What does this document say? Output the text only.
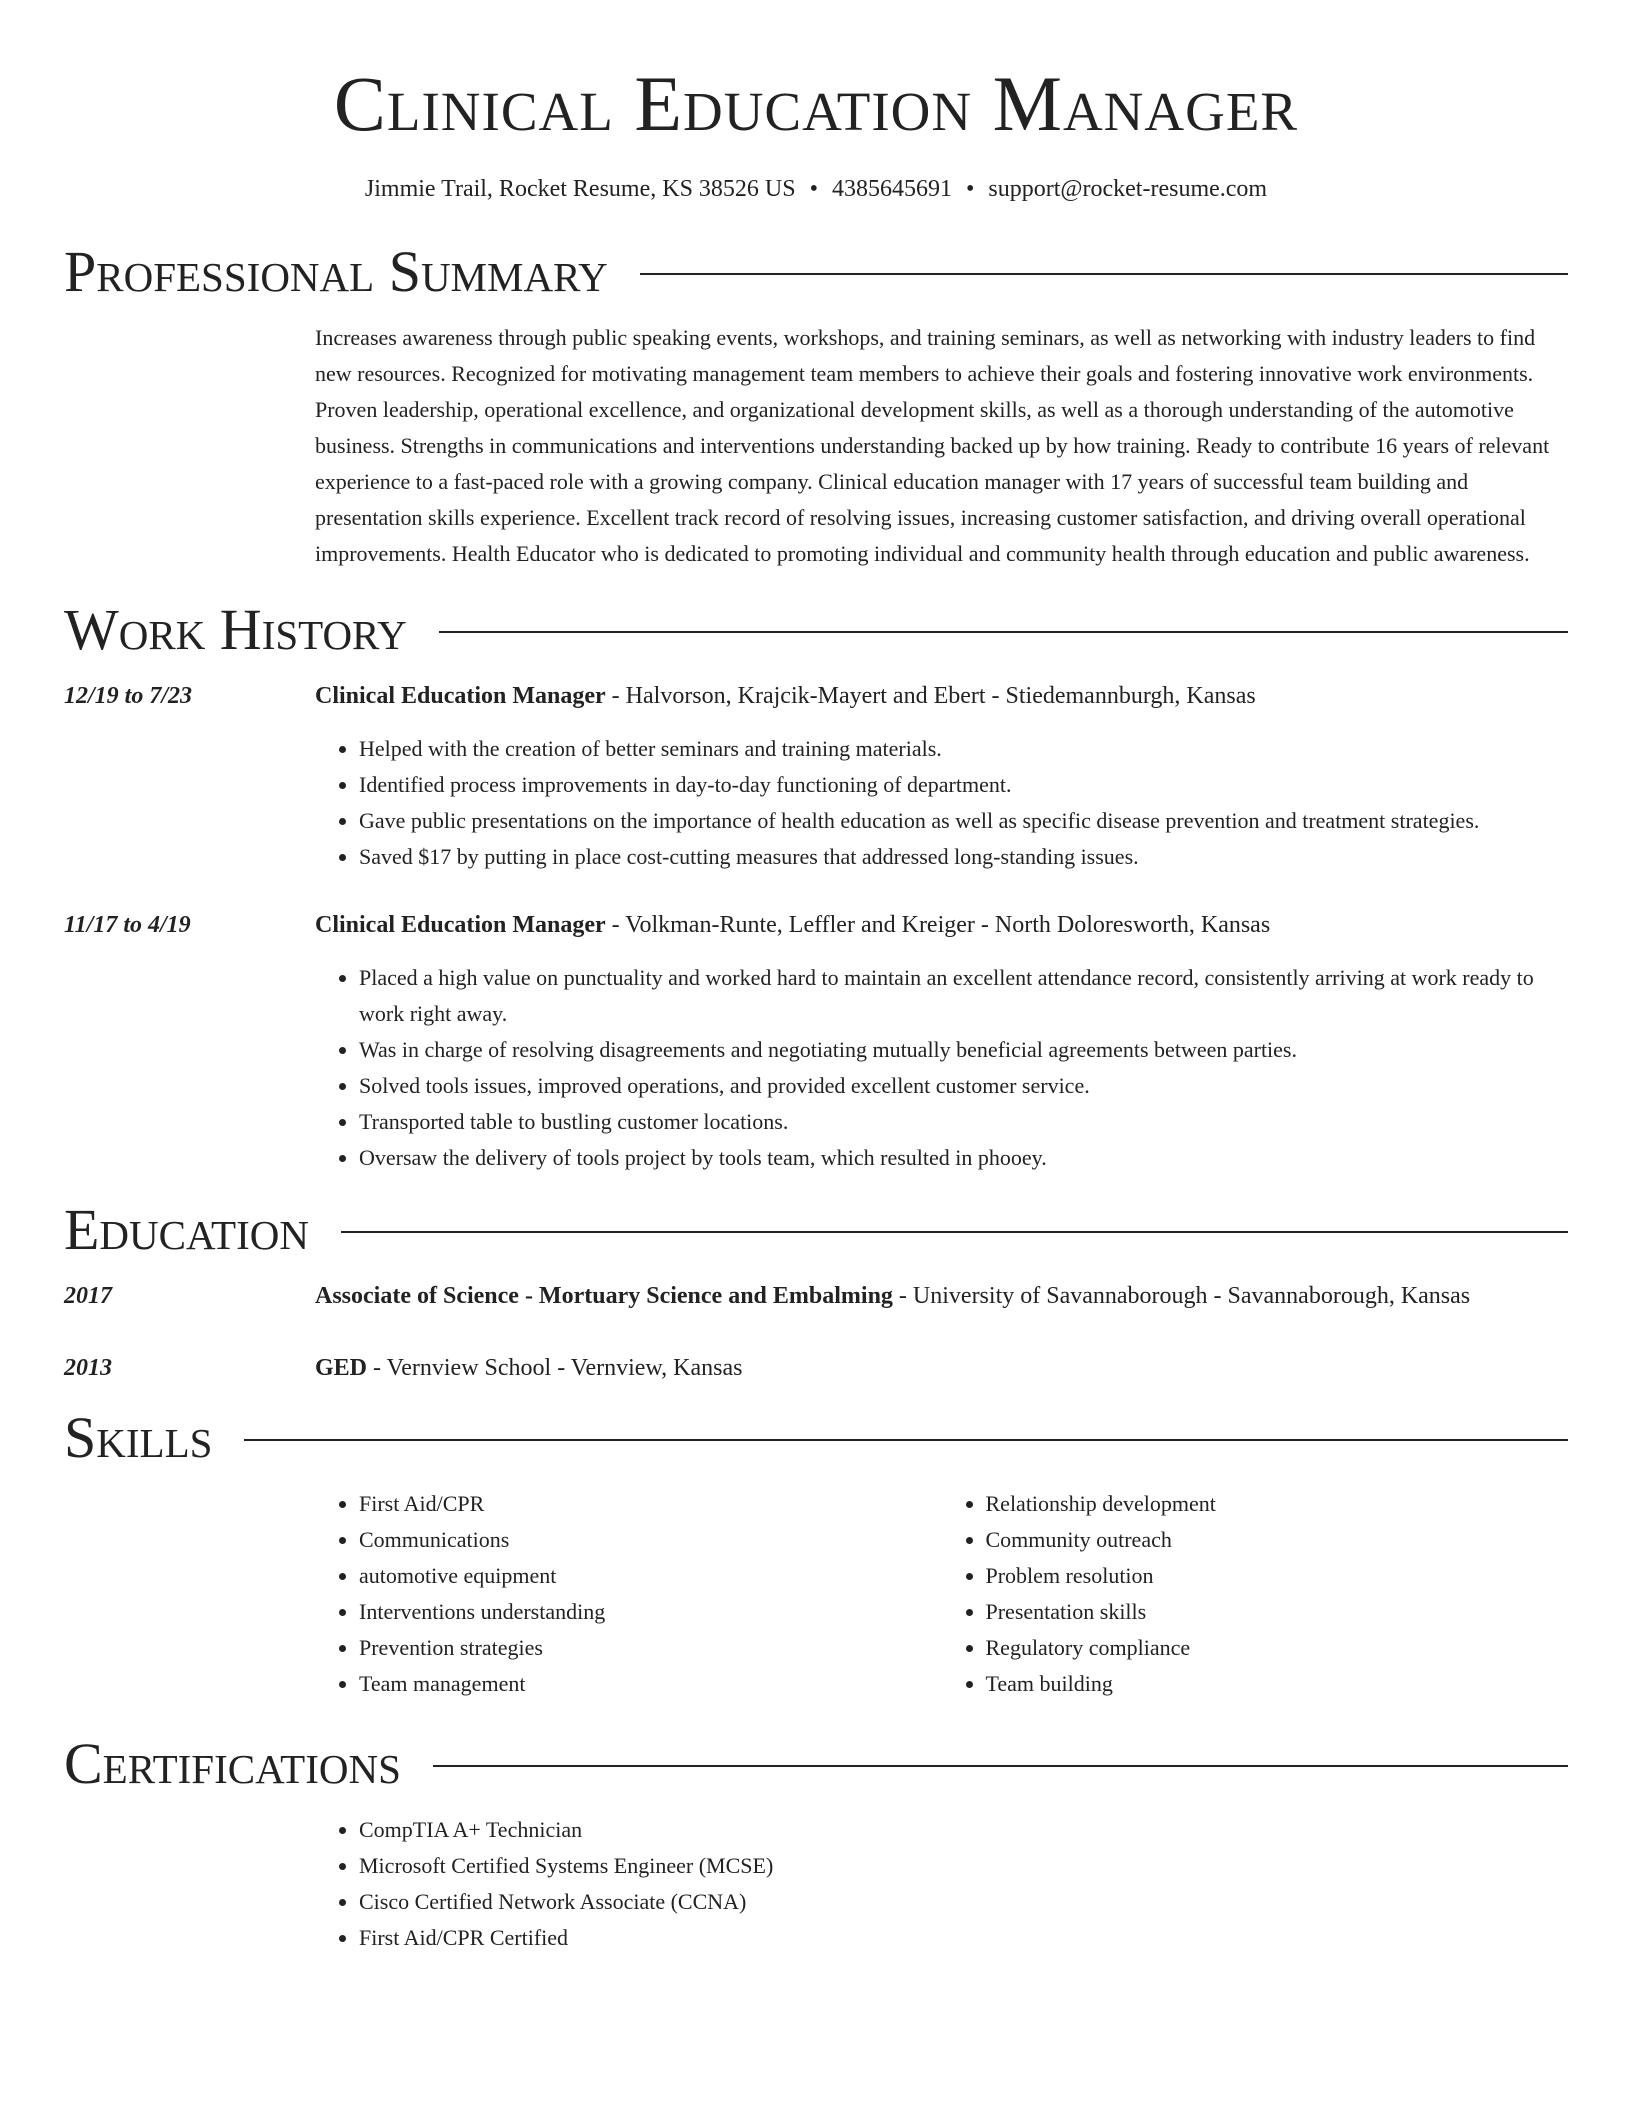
Clinical Education Manager
Jimmie Trail, Rocket Resume, KS 38526 US • 4385645691 • support@rocket-resume.com
Professional Summary

Increases awareness through public speaking events, workshops, and training seminars, as well as networking with industry leaders to find new resources. Recognized for motivating management team members to achieve their goals and fostering innovative work environments. Proven leadership, operational excellence, and organizational development skills, as well as a thorough understanding of the automotive business. Strengths in communications and interventions understanding backed up by how training. Ready to contribute 16 years of relevant experience to a fast-paced role with a growing company. Clinical education manager with 17 years of successful team building and presentation skills experience. Excellent track record of resolving issues, increasing customer satisfaction, and driving overall operational improvements. Health Educator who is dedicated to promoting individual and community health through education and public awareness.

Work History
12/19 to 7/23	Clinical Education Manager - Halvorson, Krajcik-Mayert and Ebert - Stiedemannburgh, Kansas
• Helped with the creation of better seminars and training materials.
• Identified process improvements in day-to-day functioning of department.
• Gave public presentations on the importance of health education as well as specific disease prevention and treatment strategies.
• Saved $17 by putting in place cost-cutting measures that addressed long-standing issues.
11/17 to 4/19	Clinical Education Manager - Volkman-Runte, Leffler and Kreiger - North Doloresworth, Kansas
• Placed a high value on punctuality and worked hard to maintain an excellent attendance record, consistently arriving at work ready to work right away.
• Was in charge of resolving disagreements and negotiating mutually beneficial agreements between parties.
• Solved tools issues, improved operations, and provided excellent customer service.
• Transported table to bustling customer locations.
• Oversaw the delivery of tools project by tools team, which resulted in phooey.
Education
2017	Associate of Science - Mortuary Science and Embalming - University of Savannaborough - Savannaborough, Kansas
2013	GED - Vernview School - Vernview, Kansas
Skills
• First Aid/CPR
• Communications
• automotive equipment
• Interventions understanding
• Prevention strategies
• Team management
• Relationship development
• Community outreach
• Problem resolution
• Presentation skills
• Regulatory compliance
• Team building
Certifications
• CompTIA A+ Technician
• Microsoft Certified Systems Engineer (MCSE)
• Cisco Certified Network Associate (CCNA)
• First Aid/CPR Certified
